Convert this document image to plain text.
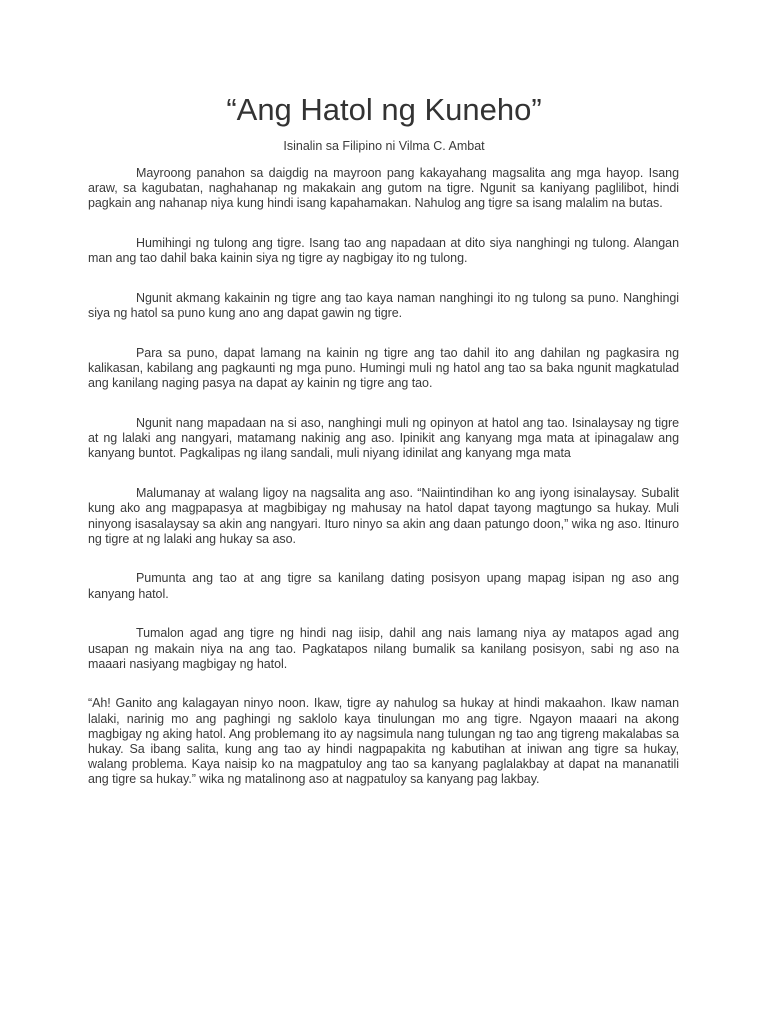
“Ang Hatol ng Kuneho”

Isinalin sa Filipino ni Vilma C. Ambat

Mayroong panahon sa daigdig na mayroon pang kakayahang magsalita ang mga hayop. Isang araw, sa kagubatan, naghahanap ng makakain ang gutom na tigre. Ngunit sa kaniyang paglilibot, hindi pagkain ang nahanap niya kung hindi isang kapahamakan. Nahulog ang tigre sa isang malalim na butas.

Humihingi ng tulong ang tigre. Isang tao ang napadaan at dito siya nanghingi ng tulong. Alangan man ang tao dahil baka kainin siya ng tigre ay nagbigay ito ng tulong.

Ngunit akmang kakainin ng tigre ang tao kaya naman nanghingi ito ng tulong sa puno. Nanghingi siya ng hatol sa puno kung ano ang dapat gawin ng tigre.

Para sa puno, dapat lamang na kainin ng tigre ang tao dahil ito ang dahilan ng pagkasira ng kalikasan, kabilang ang pagkaunti ng mga puno. Humingi muli ng hatol ang tao sa baka ngunit magkatulad ang kanilang naging pasya na dapat ay kainin ng tigre ang tao.

Ngunit nang mapadaan na si aso, nanghingi muli ng opinyon at hatol ang tao. Isinalaysay ng tigre at ng lalaki ang nangyari, matamang nakinig ang aso. Ipinikit ang kanyang mga mata at ipinagalaw ang kanyang buntot. Pagkalipas ng ilang sandali, muli niyang idinilat ang kanyang mga mata

Malumanay at walang ligoy na nagsalita ang aso. “Naiintindihan ko ang iyong isinalaysay. Subalit kung ako ang magpapasya at magbibigay ng mahusay na hatol dapat tayong magtungo sa hukay. Muli ninyong isasalaysay sa akin ang nangyari. Ituro ninyo sa akin ang daan patungo doon,” wika ng aso. Itinuro ng tigre at ng lalaki ang hukay sa aso.

Pumunta ang tao at ang tigre sa kanilang dating posisyon upang mapag isipan ng aso ang kanyang hatol.

Tumalon agad ang tigre ng hindi nag iisip, dahil ang nais lamang niya ay matapos agad ang usapan ng makain niya na ang tao. Pagkatapos nilang bumalik sa kanilang posisyon, sabi ng aso na maaari nasiyang magbigay ng hatol.

“Ah! Ganito ang kalagayan ninyo noon. Ikaw, tigre ay nahulog sa hukay at hindi makaahon. Ikaw naman lalaki, narinig mo ang paghingi ng saklolo kaya tinulungan mo ang tigre. Ngayon maaari na akong magbigay ng aking hatol. Ang problemang ito ay nagsimula nang tulungan ng tao ang tigreng makalabas sa hukay. Sa ibang salita, kung ang tao ay hindi nagpapakita ng kabutihan at iniwan ang tigre sa hukay, walang problema. Kaya naisip ko na magpatuloy ang tao sa kanyang paglalakbay at dapat na mananatili ang tigre sa hukay.” wika ng matalinong aso at nagpatuloy sa kanyang pag lakbay.
